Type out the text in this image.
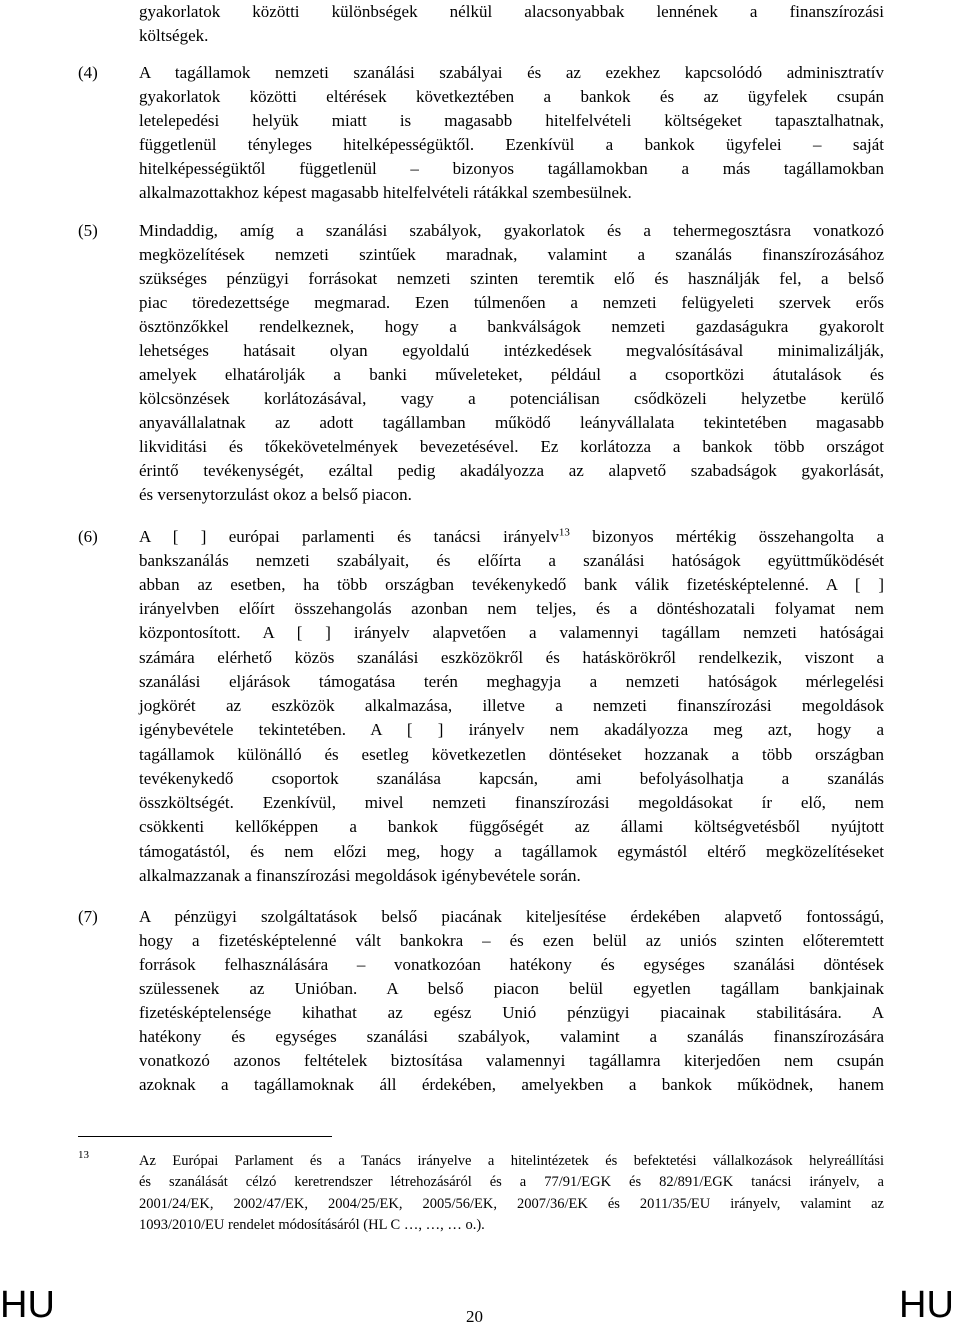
gyakorlatok közötti különbségek nélkül alacsonyabbak lennének a finanszírozási
költségek.
(4) A tagállamok nemzeti szanálási szabályai és az ezekhez kapcsolódó adminisztratív
gyakorlatok közötti eltérések következtében a bankok és az ügyfelek csupán
letelepedési helyük miatt is magasabb hitelfelvételi költségeket tapasztalhatnak,
függetlenül tényleges hitelképességüktől. Ezenkívül a bankok ügyfelei – saját
hitelképességüktől függetlenül – bizonyos tagállamokban a más tagállamokban
alkalmazottakhoz képest magasabb hitelfelvételi rátákkal szembesülnek.
(5) Mindaddig, amíg a szanálási szabályok, gyakorlatok és a tehermegosztásra vonatkozó
megközelítések nemzeti szintűek maradnak, valamint a szanálás finanszírozásához
szükséges pénzügyi forrásokat nemzeti szinten teremtik elő és használják fel, a belső
piac töredezettsége megmarad. Ezen túlmenően a nemzeti felügyeleti szervek erős
ösztönzőkkel rendelkeznek, hogy a bankválságok nemzeti gazdaságukra gyakorolt
lehetséges hatásait olyan egyoldalú intézkedések megvalósításával minimalizálják,
amelyek elhatárolják a banki műveleteket, például a csoportközi átutalások és
kölcsönzések korlátozásával, vagy a potenciálisan csődközeli helyzetbe kerülő
anyavállalatnak az adott tagállamban működő leányvállalata tekintetében magasabb
likviditási és tőkekövetelmények bevezetésével. Ez korlátozza a bankok több országot
érintő tevékenységét, ezáltal pedig akadályozza az alapvető szabadságok gyakorlását,
és versenytorzulást okoz a belső piacon.
(6) A [ ] európai parlamenti és tanácsi irányelv$^{13}$ bizonyos mértékig összehangolta a
bankszanálás nemzeti szabályait, és előírta a szanálási hatóságok együttműködését
abban az esetben, ha több országban tevékenykedő bank válik fizetésképtelenné. A [ ]
irányelvben előírt összehangolás azonban nem teljes, és a döntéshozatali folyamat nem
központosított. A [ ] irányelv alapvetően a valamennyi tagállam nemzeti hatóságai
számára elérhető közös szanálási eszközökről és hatáskörökről rendelkezik, viszont a
szanálási eljárások támogatása terén meghagyja a nemzeti hatóságok mérlegelési
jogkörét az eszközök alkalmazása, illetve a nemzeti finanszírozási megoldások
igénybevétele tekintetében. A [ ] irányelv nem akadályozza meg azt, hogy a
tagállamok különálló és esetleg következetlen döntéseket hozzanak a több országban
tevékenykedő csoportok szanálása kapcsán, ami befolyásolhatja a szanálás
összköltségét. Ezenkívül, mivel nemzeti finanszírozási megoldásokat ír elő, nem
csökkenti kellőképpen a bankok függőségét az állami költségvetésből nyújtott
támogatástól, és nem előzi meg, hogy a tagállamok egymástól eltérő megközelítéseket
alkalmazzanak a finanszírozási megoldások igénybevétele során.
(7) A pénzügyi szolgáltatások belső piacának kiteljesítése érdekében alapvető fontosságú,
hogy a fizetésképtelenné vált bankokra – és ezen belül az uniós szinten előteremtett
források felhasználására – vonatkozóan hatékony és egységes szanálási döntések
szülessenek az Unióban. A belső piacon belül egyetlen tagállam bankjainak
fizetésképtelensége kihathat az egész Unió pénzügyi piacainak stabilitására. A
hatékony és egységes szanálási szabályok, valamint a szanálás finanszírozására
vonatkozó azonos feltételek biztosítása valamennyi tagállamra kiterjedően nem csupán
azoknak a tagállamoknak áll érdekében, amelyekben a bankok működnek, hanem
13	Az Európai Parlament és a Tanács irányelve a hitelintézetek és befektetési vállalkozások helyreállítási
és szanálását célzó keretrendszer létrehozásáról és a 77/91/EGK és 82/891/EGK tanácsi irányelv, a
2001/24/EK, 2002/47/EK, 2004/25/EK, 2005/56/EK, 2007/36/EK és 2011/35/EU irányelv, valamint az
1093/2010/EU rendelet módosításáról (HL C …, …, … o.).
HU	20	HU
